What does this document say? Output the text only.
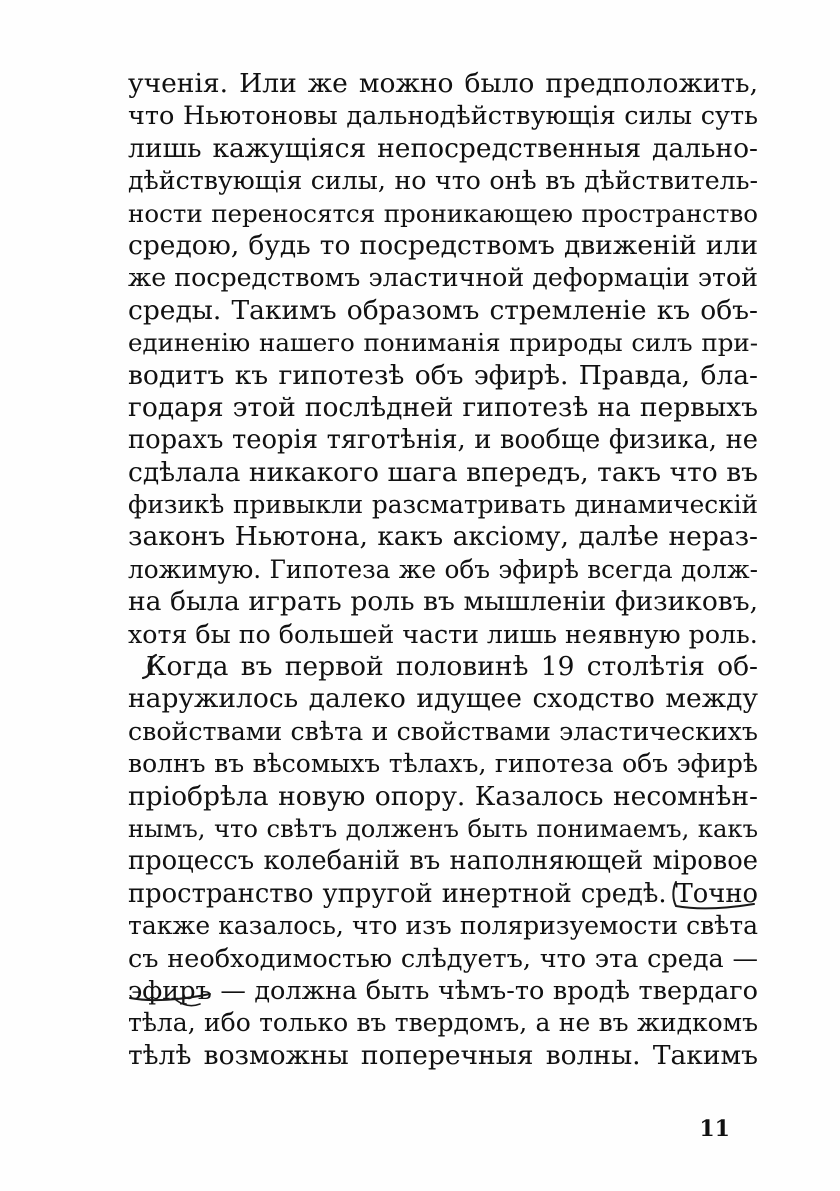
ученія. Или же можно было предположить,
что Ньютоновы дальнодѣйствующія силы суть
лишь кажущіяся непосредственныя дально-
дѣйствующія силы, но что онѣ въ дѣйствитель-
ности переносятся проникающею пространство
средою, будь то посредствомъ движеній или
же посредствомъ эластичной деформаціи этой
среды. Такимъ образомъ стремленіе къ объ-
единенію нашего пониманія природы силъ при-
водитъ къ гипотезѣ объ эфирѣ. Правда, бла-
годаря этой послѣдней гипотезѣ на первыхъ
порахъ теорія тяготѣнія, и вообще физика, не
сдѣлала никакого шага впередъ, такъ что въ
физикѣ привыкли разсматривать динамическій
законъ Ньютона, какъ аксіому, далѣе нераз-
ложимую. Гипотеза же объ эфирѣ всегда долж-
на была играть роль въ мышленіи физиковъ,
хотя бы по большей части лишь неявную роль.
Когда въ первой половинѣ 19 столѣтія об-
наружилось далеко идущее сходство между
свойствами свѣта и свойствами эластическихъ
волнъ въ вѣсомыхъ тѣлахъ, гипотеза объ эфирѣ
пріобрѣла новую опору. Казалось несомнѣн-
нымъ, что свѣтъ долженъ быть понимаемъ, какъ
процессъ колебаній въ наполняющей міровое
пространство упругой инертной средѣ. Точно
также казалось, что изъ поляризуемости свѣта
съ необходимостью слѣдуетъ, что эта среда —
эфиръ — должна быть чѣмъ-то вродѣ твердаго
тѣла, ибо только въ твердомъ, а не въ жидкомъ
тѣлѣ возможны поперечныя волны. Такимъ
11
